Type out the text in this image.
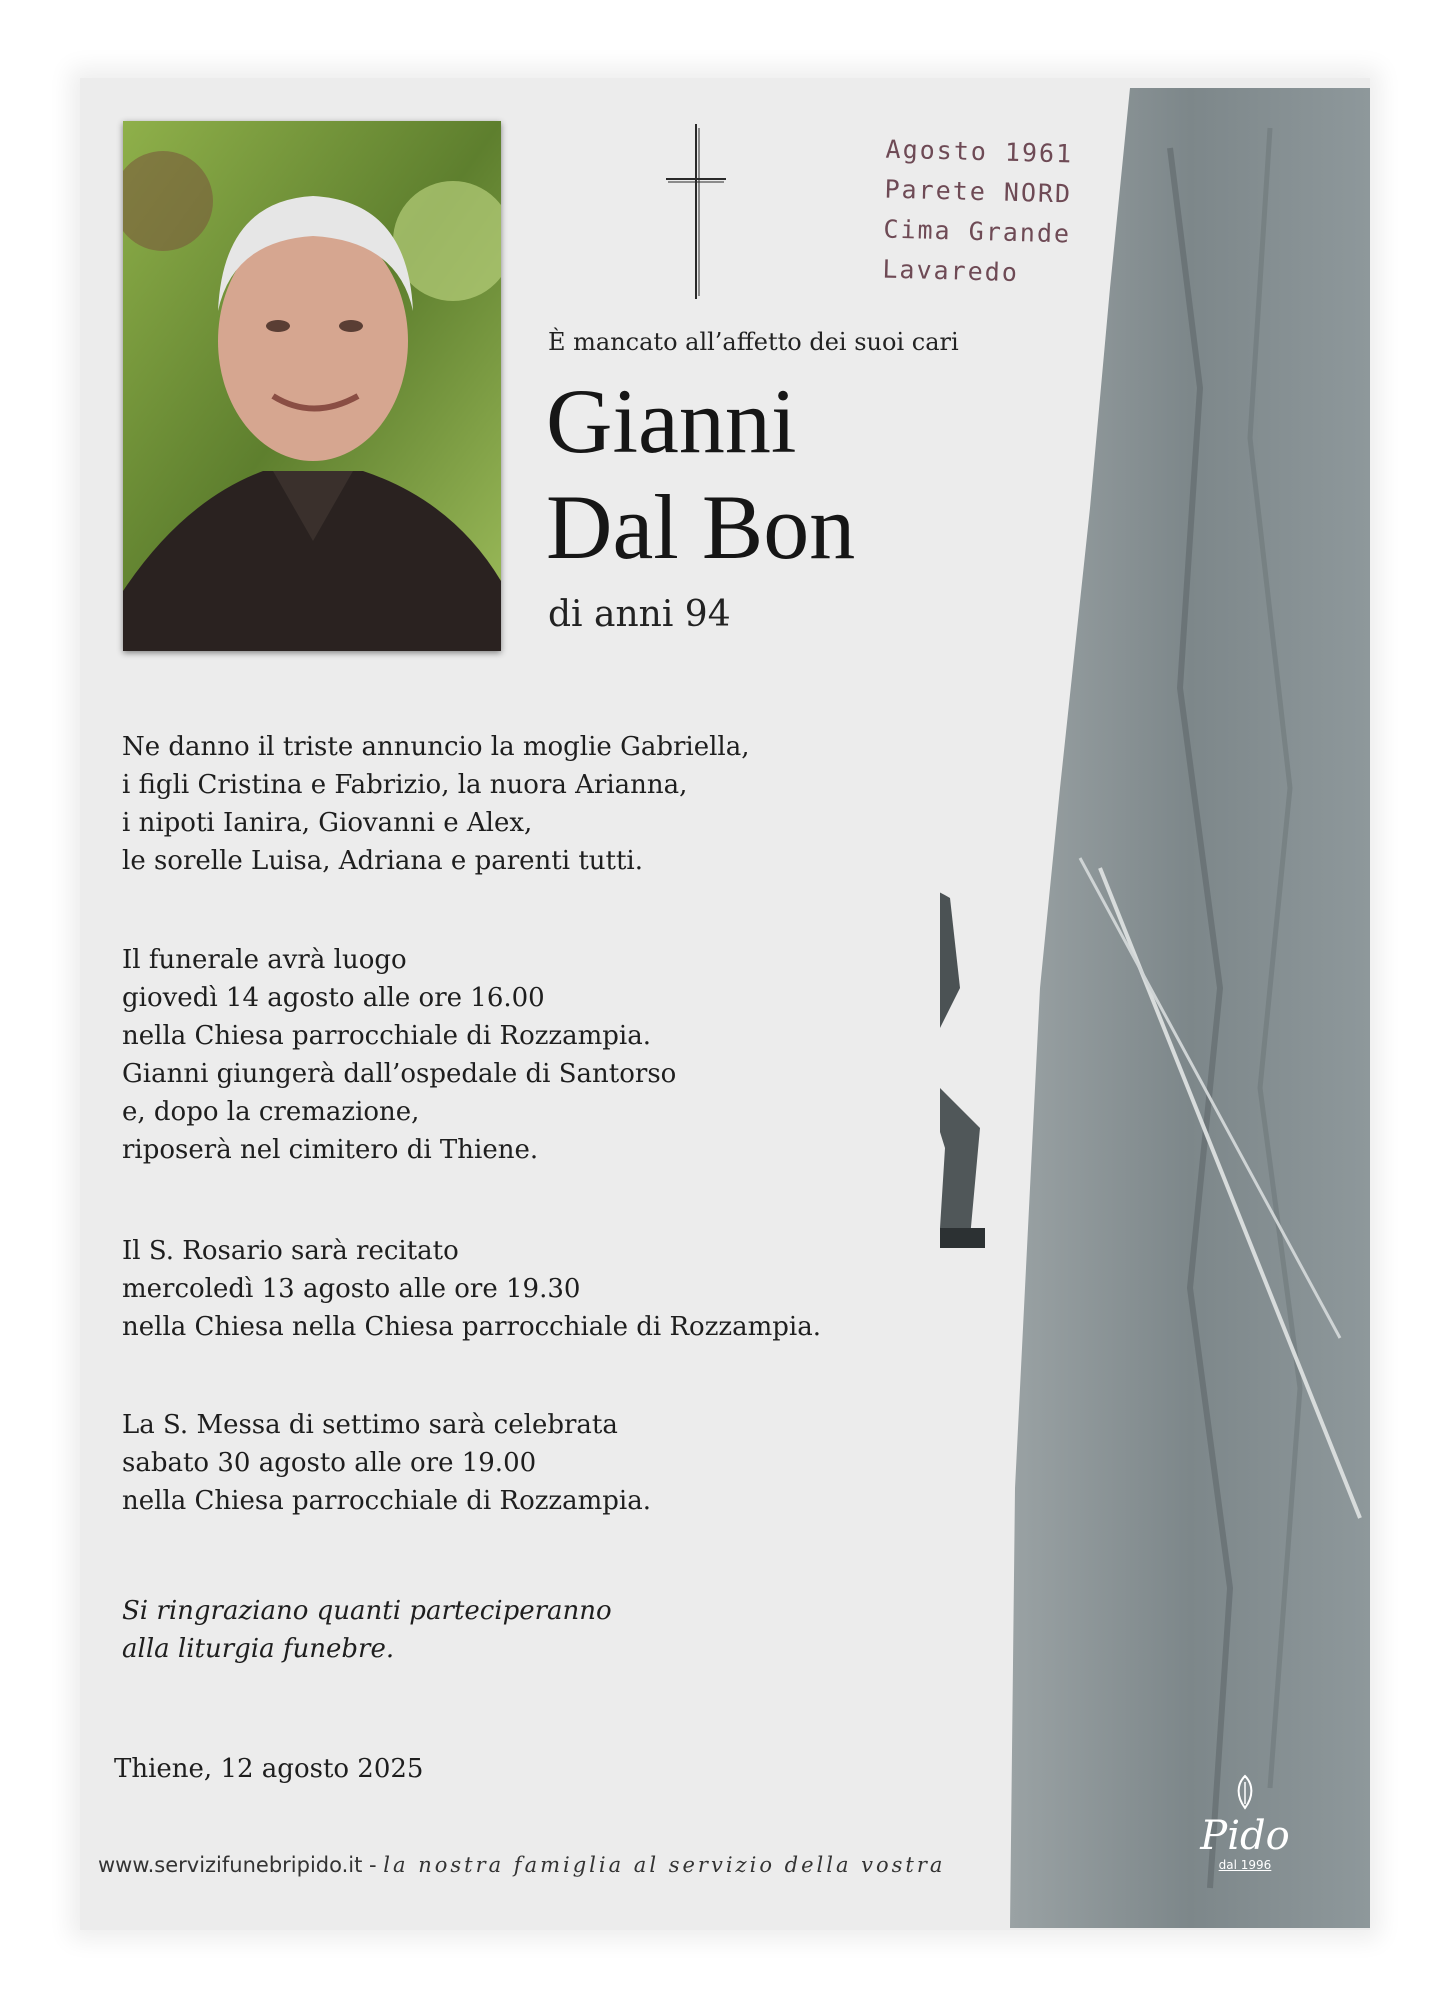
Agosto 1961
Parete NORD
Cima Grande
Lavaredo
È mancato all’affetto dei suoi cari
Gianni
Dal Bon
di anni 94
Ne danno il triste annuncio la moglie Gabriella,
i figli Cristina e Fabrizio, la nuora Arianna,
i nipoti Ianira, Giovanni e Alex,
le sorelle Luisa, Adriana e parenti tutti.
Il funerale avrà luogo
giovedì 14 agosto alle ore 16.00
nella Chiesa parrocchiale di Rozzampia.
Gianni giungerà dall’ospedale di Santorso
e, dopo la cremazione,
riposerà nel cimitero di Thiene.
Il S. Rosario sarà recitato
mercoledì 13 agosto alle ore 19.30
nella Chiesa nella Chiesa parrocchiale di Rozzampia.
La S. Messa di settimo sarà celebrata
sabato 30 agosto alle ore 19.00
nella Chiesa parrocchiale di Rozzampia.
Si ringraziano quanti parteciperanno
alla liturgia funebre.
Thiene, 12 agosto 2025
www.servizifunebripido.it - la nostra famiglia al servizio della vostra
Pido
dal 1996
